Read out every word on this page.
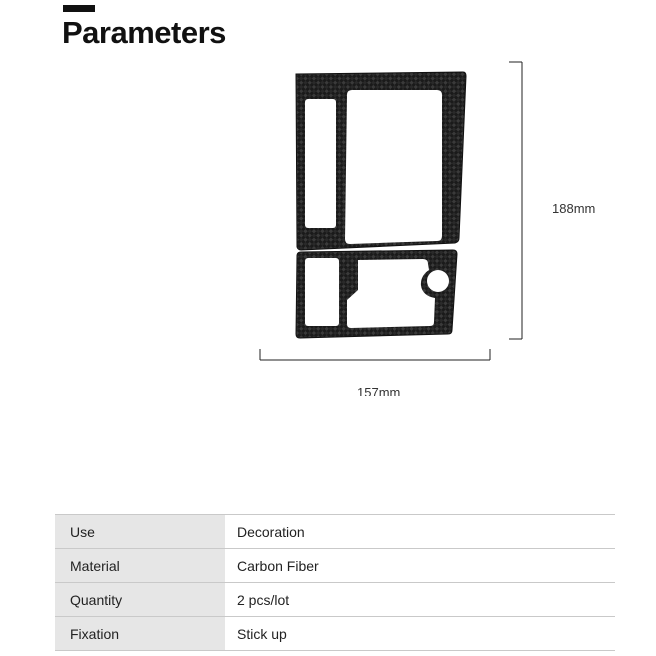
Parameters
188mm
157mm
Use	Decoration
Material	Carbon Fiber
Quantity	2 pcs/lot
Fixation	Stick up
